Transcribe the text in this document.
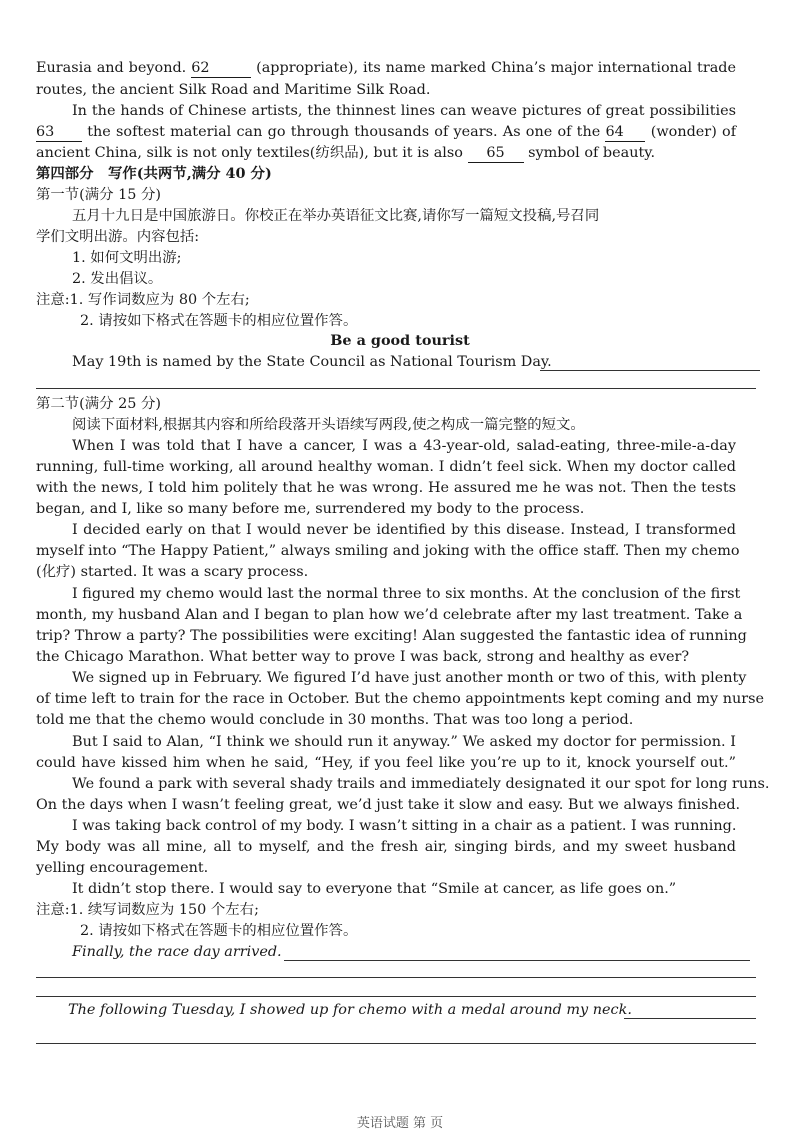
Eurasia and beyond. 62	(appropriate), its name marked China’s major international trade
routes, the ancient Silk Road and Maritime Silk Road.
In the hands of Chinese artists, the thinnest lines can weave pictures of great possibilities
63 the softest material can go through thousands of years. As one of the 64 (wonder) of
ancient China, silk is not only textiles(纺织品), but it is also 65 symbol of beauty.
第四部分　写作(共两节,满分 40 分)
第一节(满分 15 分)
五月十九日是中国旅游日。你校正在举办英语征文比赛,请你写一篇短文投稿,号召同
学们文明出游。内容包括:
1. 如何文明出游;
2. 发出倡议。
注意:1. 写作词数应为 80 个左右;
2. 请按如下格式在答题卡的相应位置作答。
Be a good tourist
May 19th is named by the State Council as National Tourism Day.
第二节(满分 25 分)
阅读下面材料,根据其内容和所给段落开头语续写两段,使之构成一篇完整的短文。
When I was told that I have a cancer, I was a 43-year-old, salad-eating, three-mile-a-day
running, full-time working, all around healthy woman. I didn’t feel sick. When my doctor called
with the news, I told him politely that he was wrong. He assured me he was not. Then the tests
began, and I, like so many before me, surrendered my body to the process.
I decided early on that I would never be identified by this disease. Instead, I transformed
myself into “The Happy Patient,” always smiling and joking with the office staff. Then my chemo
(化疗) started. It was a scary process.
I figured my chemo would last the normal three to six months. At the conclusion of the first
month, my husband Alan and I began to plan how we’d celebrate after my last treatment. Take a
trip? Throw a party? The possibilities were exciting! Alan suggested the fantastic idea of running
the Chicago Marathon. What better way to prove I was back, strong and healthy as ever?
We signed up in February. We figured I’d have just another month or two of this, with plenty
of time left to train for the race in October. But the chemo appointments kept coming and my nurse
told me that the chemo would conclude in 30 months. That was too long a period.
But I said to Alan, “I think we should run it anyway.” We asked my doctor for permission. I
could have kissed him when he said, “Hey, if you feel like you’re up to it, knock yourself out.”
We found a park with several shady trails and immediately designated it our spot for long runs.
On the days when I wasn’t feeling great, we’d just take it slow and easy. But we always finished.
I was taking back control of my body. I wasn’t sitting in a chair as a patient. I was running.
My body was all mine, all to myself, and the fresh air, singing birds, and my sweet husband
yelling encouragement.
It didn’t stop there. I would say to everyone that “Smile at cancer, as life goes on.”
注意:1. 续写词数应为 150 个左右;
2. 请按如下格式在答题卡的相应位置作答。
Finally, the race day arrived.
The following Tuesday, I showed up for chemo with a medal around my neck.
英语试题 第 页
